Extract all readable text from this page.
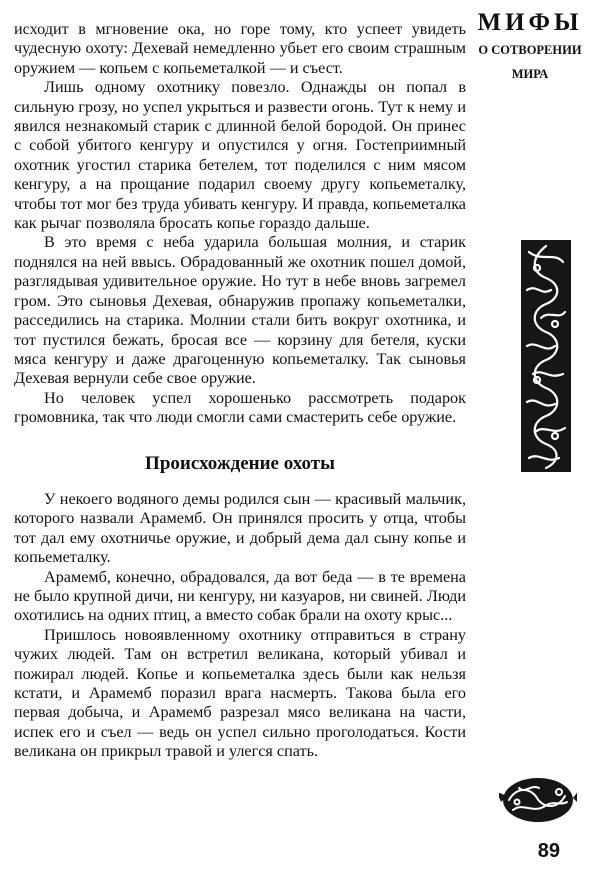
исходит в мгновение ока, но горе тому, кто успеет увидеть чудесную охоту: Дехевай немедленно убьет его своим страшным оружием — копьем с копьеметалкой — и съест.

Лишь одному охотнику повезло. Однажды он попал в сильную грозу, но успел укрыться и развести огонь. Тут к нему и явился незнакомый старик с длинной белой бородой. Он принес с собой убитого кенгуру и опустился у огня. Гостеприимный охотник угостил старика бетелем, тот поделился с ним мясом кенгуру, а на прощание подарил своему другу копьеметалку, чтобы тот мог без труда убивать кенгуру. И правда, копьеметалка как рычаг позволяла бросать копье гораздо дальше.

В это время с неба ударила большая молния, и старик поднялся на ней ввысь. Обрадованный же охотник пошел домой, разглядывая удивительное оружие. Но тут в небе вновь загремел гром. Это сыновья Дехевая, обнаружив пропажу копьеметалки, расседились на старика. Молнии стали бить вокруг охотника, и тот пустился бежать, бросая все — корзину для бетеля, куски мяса кенгуру и даже драгоценную копьеметалку. Так сыновья Дехевая вернули себе свое оружие.

Но человек успел хорошенько рассмотреть подарок громовника, так что люди смогли сами смастерить себе оружие.

Происхождение охоты

У некоего водяного демы родился сын — красивый мальчик, которого назвали Арамемб. Он принялся просить у отца, чтобы тот дал ему охотничье оружие, и добрый дема дал сыну копье и копьеметалку.

Арамемб, конечно, обрадовался, да вот беда — в те времена не было крупной дичи, ни кенгуру, ни казуаров, ни свиней. Люди охотились на одних птиц, а вместо собак брали на охоту крыс...

Пришлось новоявленному охотнику отправиться в страну чужих людей. Там он встретил великана, который убивал и пожирал людей. Копье и копьеметалка здесь были как нельзя кстати, и Арамемб поразил врага насмерть. Такова была его первая добыча, и Арамемб разрезал мясо великана на части, испек его и съел — ведь он успел сильно проголодаться. Кости великана он прикрыл травой и улегся спать.

МИФЫ
О СОТВОРЕНИИ
МИРА
89
